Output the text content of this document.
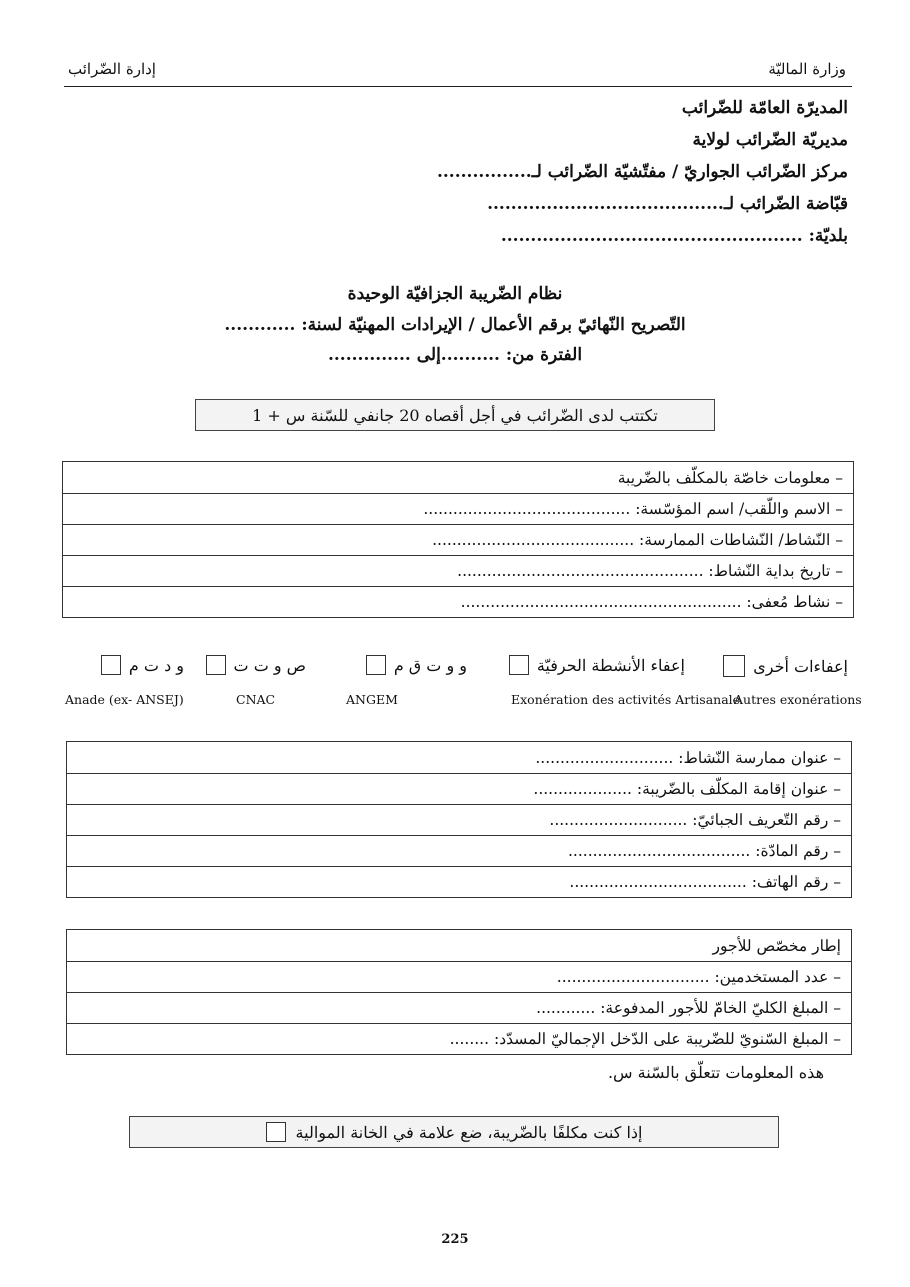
وزارة الماليّة
إدارة الضّرائب
المديرّة العامّة للضّرائب
مديريّة الضّرائب لولاية
مركز الضّرائب الجواريّ / مفتّشيّة الضّرائب لـ................
قبّاضة الضّرائب لـ........................................
بلديّة: ...................................................
نظام الضّريبة الجزافيّة الوحيدة
التّصريح النّهائيّ برقم الأعمال / الإيرادات المهنيّة لسنة: ............
الفترة من: ..........إلى ..............
تكتتب لدى الضّرائب في أجل أقصاه 20 جانفي للسّنة س + 1
– معلومات خاصّة بالمكلّف بالضّريبة
– الاسم واللّقب/ اسم المؤسّسة: ..........................................
– النّشاط/ النّشاطات الممارسة: .........................................
– تاريخ بداية النّشاط: ..................................................
– نشاط مُعفى: .........................................................
إعفاءات أخرى
إعفاء الأنشطة الحرفيّة
و و ت ق م
ص و ت ت
و د ت م
Autres exonérations
Exonération des activités Artisanale
ANGEM
CNAC
Anade (ex- ANSEJ)
– عنوان ممارسة النّشاط: ............................
– عنوان إقامة المكلّف بالضّريبة: ....................
– رقم التّعريف الجبائيّ: ............................
– رقم المادّة: .....................................
– رقم الهاتف: ....................................
إطار مخصّص للأجور
– عدد المستخدمين: ...............................
– المبلغ الكليّ الخامّ للأجور المدفوعة: ............
– المبلغ السّنويّ للضّريبة على الدّخل الإجماليّ المسدّد: ........
هذه المعلومات تتعلّق بالسّنة س.
إذا كنت مكلفًا بالضّريبة، ضع علامة في الخانة الموالية
225
